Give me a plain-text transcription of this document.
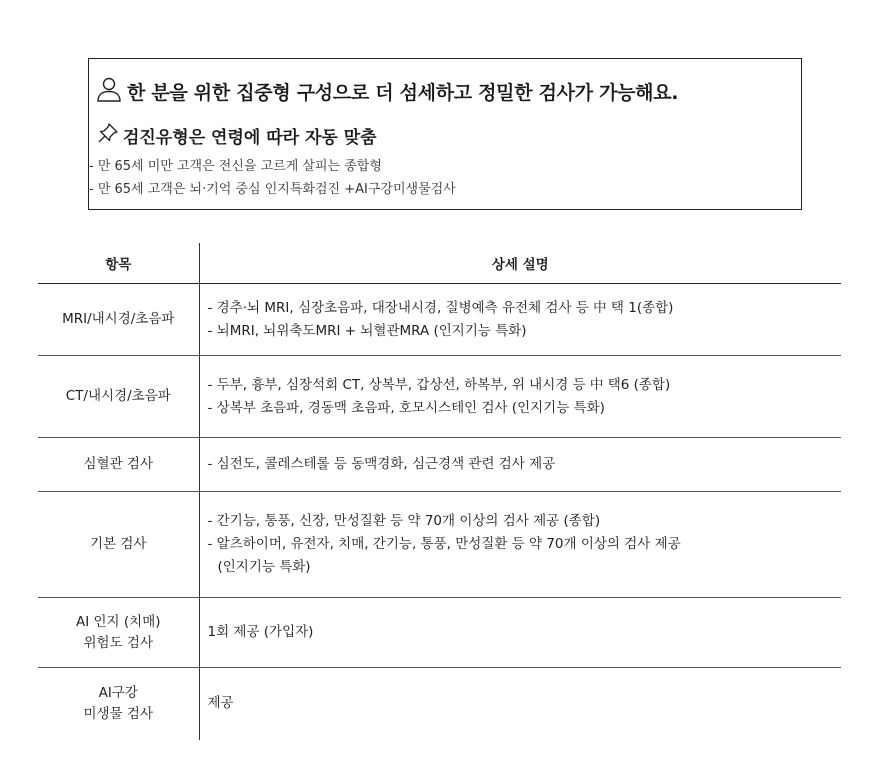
한 분을 위한 집중형 구성으로 더 섬세하고 정밀한 검사가 가능해요.
검진유형은 연령에 따라 자동 맞춤
- 만 65세 미만 고객은 전신을 고르게 살피는 종합형
- 만 65세 고객은 뇌·기억 중심 인지특화검진 +AI구강미생물검사
항목	상세 설명

MRI/내시경/초음파	- 경추·뇌 MRI, 심장초음파, 대장내시경, 질병예측 유전체 검사 등 中 택 1(종합)
- 뇌MRI, 뇌위축도MRI + 뇌혈관MRA (인지기능 특화)

CT/내시경/초음파	- 두부, 흉부, 심장석회 CT, 상복부, 갑상선, 하복부, 위 내시경 등 中 택6 (종합)
- 상복부 초음파, 경동맥 초음파, 호모시스테인 검사 (인지기능 특화)

심혈관 검사	- 심전도, 콜레스테롤 등 동맥경화, 심근경색 관련 검사 제공

기본 검사	- 간기능, 통풍, 신장, 만성질환 등 약 70개 이상의 검사 제공 (종합)
- 알츠하이머, 유전자, 치매, 간기능, 통풍, 만성질환 등 약 70개 이상의 검사 제공
(인지기능 특화)

AI 인지 (치매)
위험도 검사	1회 제공 (가입자)

AI구강
미생물 검사	제공
